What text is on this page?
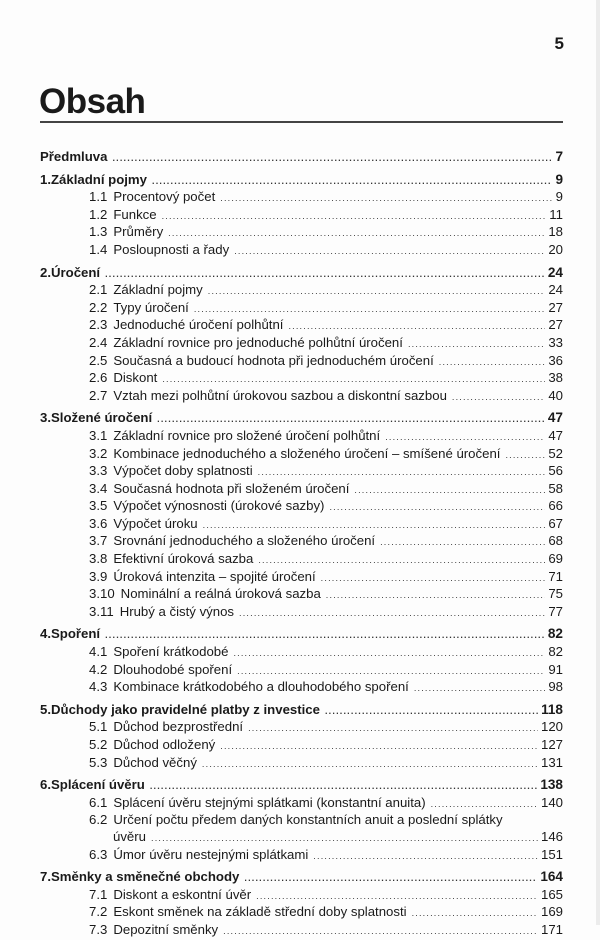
5
Obsah
Předmluva .....	7
1. Základní pojmy .....	9
1.1 Procentový počet .....	9
1.2 Funkce .....	11
1.3 Průměry .....	18
1.4 Posloupnosti a řady .....	20
2. Úročení .....	24
2.1 Základní pojmy .....	24
2.2 Typy úročení .....	27
2.3 Jednoduché úročení polhůtní .....	27
2.4 Základní rovnice pro jednoduché polhůtní úročení .....	33
2.5 Současná a budoucí hodnota při jednoduchém úročení .....	36
2.6 Diskont .....	38
2.7 Vztah mezi polhůtní úrokovou sazbou a diskontní sazbou .....	40
3. Složené úročení .....	47
3.1 Základní rovnice pro složené úročení polhůtní .....	47
3.2 Kombinace jednoduchého a složeného úročení – smíšené úročení .....	52
3.3 Výpočet doby splatnosti .....	56
3.4 Současná hodnota při složeném úročení .....	58
3.5 Výpočet výnosnosti (úrokové sazby) .....	66
3.6 Výpočet úroku .....	67
3.7 Srovnání jednoduchého a složeného úročení .....	68
3.8 Efektivní úroková sazba .....	69
3.9 Úroková intenzita – spojité úročení .....	71
3.10 Nominální a reálná úroková sazba .....	75
3.11 Hrubý a čistý výnos .....	77
4. Spoření .....	82
4.1 Spoření krátkodobé .....	82
4.2 Dlouhodobé spoření .....	91
4.3 Kombinace krátkodobého a dlouhodobého spoření .....	98
5. Důchody jako pravidelné platby z investice .....	118
5.1 Důchod bezprostřední .....	120
5.2 Důchod odložený .....	127
5.3 Důchod věčný .....	131
6. Splácení úvěru .....	138
6.1 Splácení úvěru stejnými splátkami (konstantní anuita) .....	140
6.2 Určení počtu předem daných konstantních anuit a poslední splátky
úvěru .....	146
6.3 Úmor úvěru nestejnými splátkami .....	151
7. Směnky a směnečné obchody .....	164
7.1 Diskont a eskontní úvěr .....	165
7.2 Eskont směnek na základě střední doby splatnosti .....	169
7.3 Depozitní směnky .....	171
